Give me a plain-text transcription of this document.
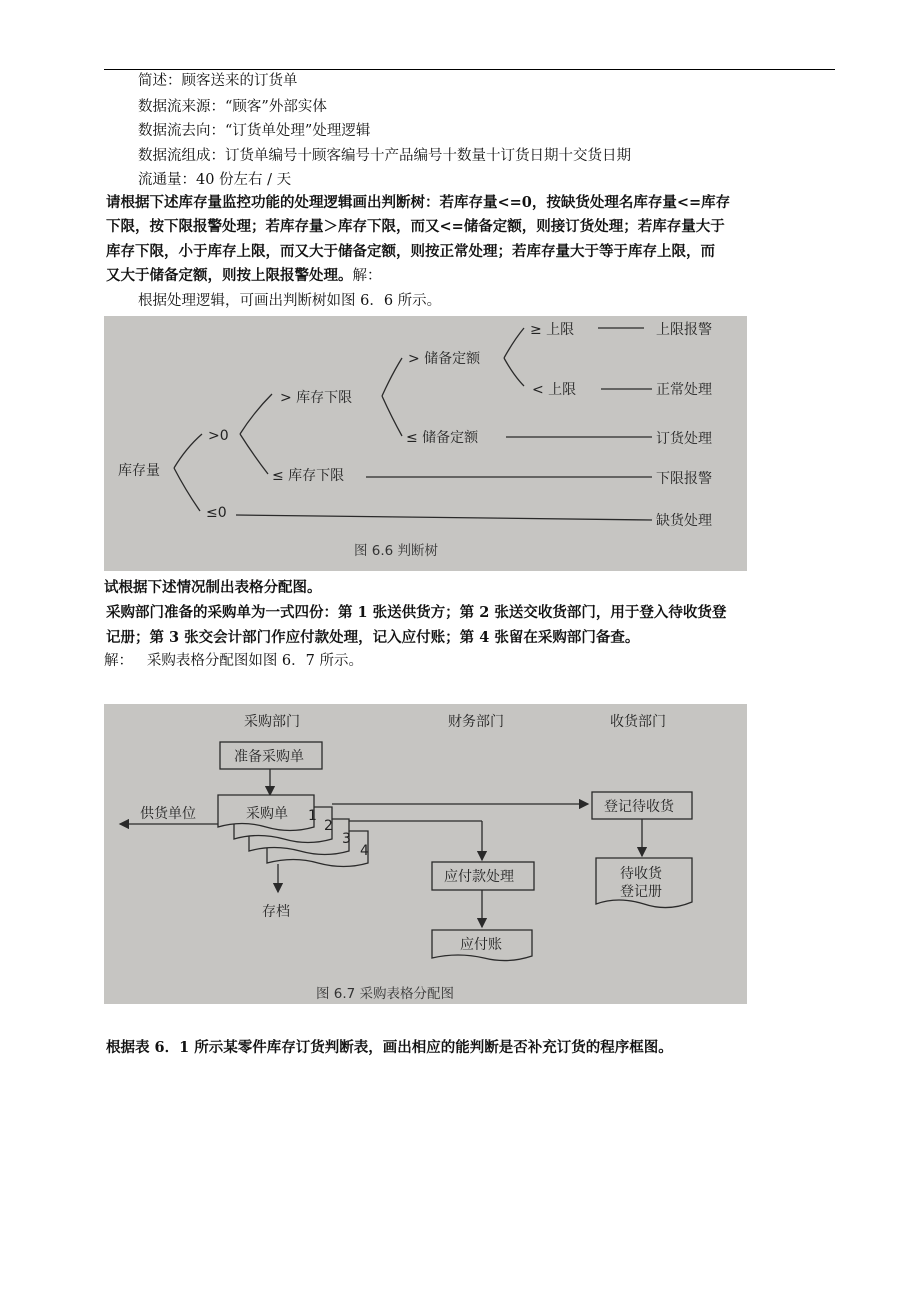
简述：顾客送来的订货单
数据流来源：“顾客”外部实体
数据流去向：“订货单处理”处理逻辑
数据流组成：订货单编号十顾客编号十产品编号十数量十订货日期十交货日期
流通量：40 份左右 / 天
请根据下述库存量监控功能的处理逻辑画出判断树：若库存量<=0，按缺货处理名库存量<=库存
下限，按下限报警处理；若库存量＞库存下限，而又<=储备定额，则接订货处理；若库存量大于
库存下限，小于库存上限，而又大于储备定额，则按正常处理；若库存量大于等于库存上限，而
又大于储备定额，则按上限报警处理。解：
根据处理逻辑，可画出判断树如图 6．6 所示。
库存量
>0
≤0
> 库存下限
≤ 库存下限
> 储备定额
≤ 储备定额
≥ 上限
< 上限
上限报警
正常处理
订货处理
下限报警
缺货处理
图 6.6 判断树
试根据下述情况制出表格分配图。
采购部门准备的采购单为一式四份：第 1 张送供货方；第 2 张送交收货部门，用于登入待收货登
记册；第 3 张交会计部门作应付款处理，记入应付账；第 4 张留在采购部门备查。
解： 采购表格分配图如图 6．7 所示。
采购部门	财务部门	收货部门
准备采购单
采购单 1
2
3
4
供货单位
存档
登记待收货
待收货
登记册
应付款处理
应付账
图 6.7 采购表格分配图
根据表 6．1 所示某零件库存订货判断表，画出相应的能判断是否补充订货的程序框图。
